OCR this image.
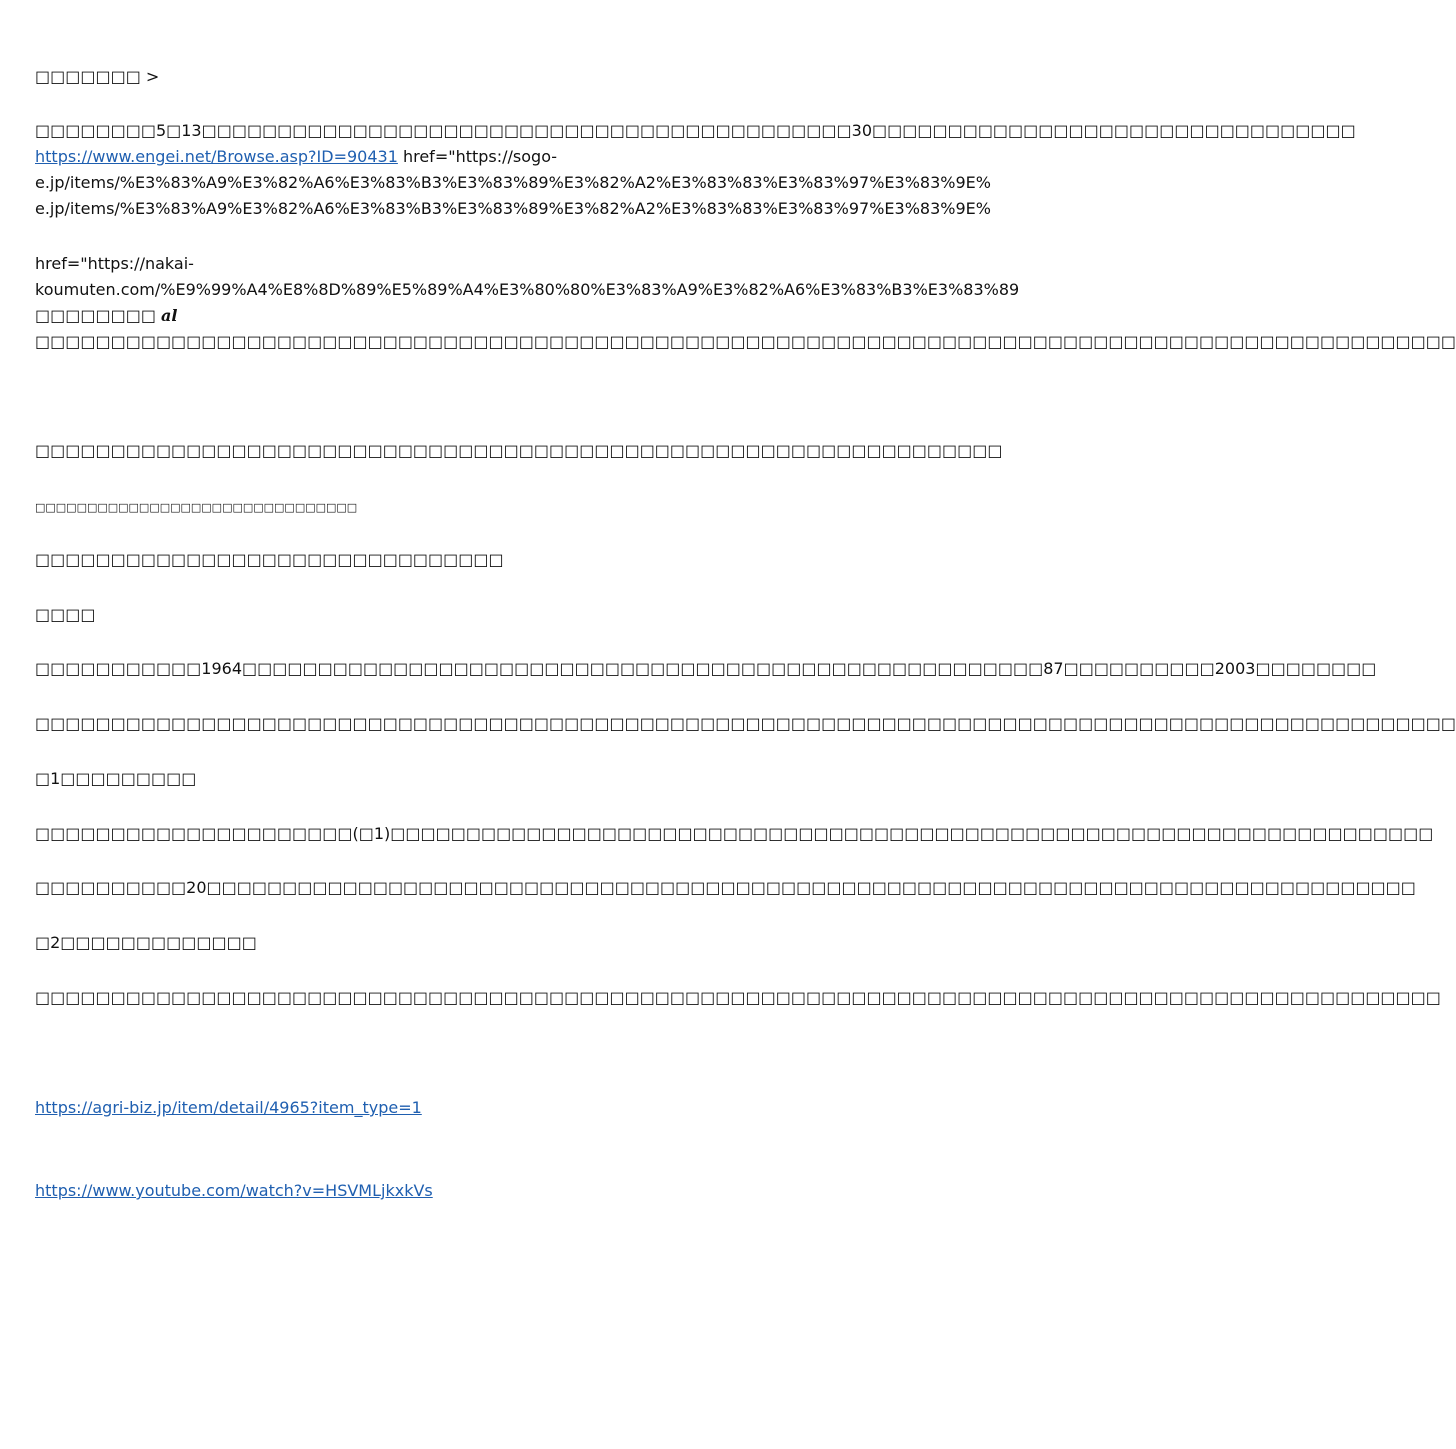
□□□□□□□ >
□□□□□□□□5□13□□□□□□□□□□□□□□□□□□□□□□□□□□□□□□□□□□□□□□□□□□□30□□□□□□□□□□□□□□□□□□□□□□□□□□□□□□□□
https://www.engei.net/Browse.asp?ID=90431 href="https://sogo-
e.jp/items/%E3%83%A9%E3%82%A6%E3%83%B3%E3%83%89%E3%82%A2%E3%83%83%E3%83%97%E3%83%9E%
e.jp/items/%E3%83%A9%E3%82%A6%E3%83%B3%E3%83%89%E3%82%A2%E3%83%83%E3%83%97%E3%83%9E%
href="https://nakai-
koumuten.com/%E9%99%A4%E8%8D%89%E5%89%A4%E3%80%80%E3%83%A9%E3%82%A6%E3%83%B3%E3%83%89
□□□□□□□□ al
□□□□□□□□□□□□□□□□□□□□□□□□□□□□□□□□□□□□□□□□□□□□□□□□□□□□□□□□□□□□□□□□□□□□□□□□□□□□□□□□□□□□□□□□□□□□□□
□□□□□□□□□□□□□□□□□□□□□□□□□□□□□□□□□□□□□□□□□□□□□□□□□□□□□□□□□□□□□□□□
□□□□□□□□□□□□□□□□□□□□□□□□□□□□□□□
□□□□□□□□□□□□□□□□□□□□□□□□□□□□□□□
□□□□
□□□□□□□□□□□1964□□□□□□□□□□□□□□□□□□□□□□□□□□□□□□□□□□□□□□□□□□□□□□□□□□□□□87□□□□□□□□□□2003□□□□□□□□
□□□□□□□□□□□□□□□□□□□□□□□□□□□□□□□□□□□□□□□□□□□□□□□□□□□□□□□□□□□□□□□□□□□□□□□□□□□□□□□□□□□□□□□□□□□□□□
□1□□□□□□□□□
□□□□□□□□□□□□□□□□□□□□□(□1)□□□□□□□□□□□□□□□□□□□□□□□□□□□□□□□□□□□□□□□□□□□□□□□□□□□□□□□□□□□□□□□□□□□□□
□□□□□□□□□□20□□□□□□□□□□□□□□□□□□□□□□□□□□□□□□□□□□□□□□□□□□□□□□□□□□□□□□□□□□□□□□□□□□□□□□□□□□□□□□□□
□2□□□□□□□□□□□□□
□□□□□□□□□□□□□□□□□□□□□□□□□□□□□□□□□□□□□□□□□□□□□□□□□□□□□□□□□□□□□□□□□□□□□□□□□□□□□□□□□□□□□□□□□□□□□
https://agri-biz.jp/item/detail/4965?item_type=1
https://www.youtube.com/watch?v=HSVMLjkxkVs
